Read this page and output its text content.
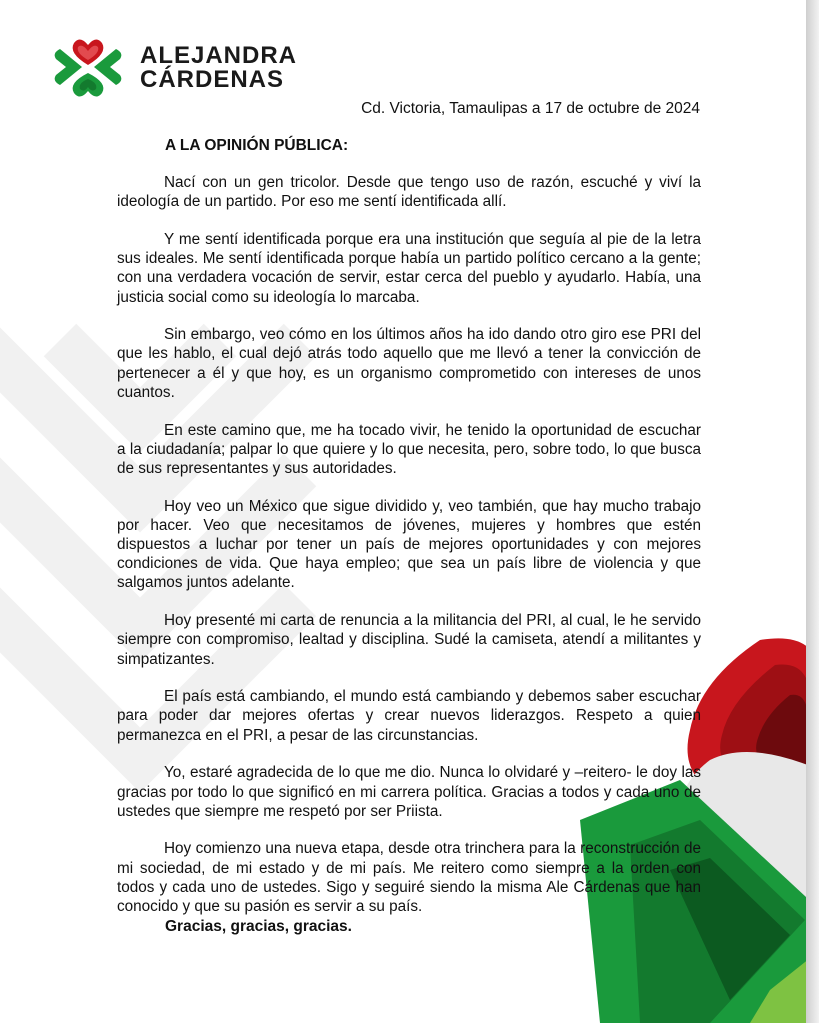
ALEJANDRA
CÁRDENAS
Cd. Victoria, Tamaulipas a 17 de octubre de 2024
A LA OPINIÓN PÚBLICA:

Nací con un gen tricolor. Desde que tengo uso de razón, escuché y viví la ideología de un partido. Por eso me sentí identificada allí.

Y me sentí identificada porque era una institución que seguía al pie de la letra sus ideales. Me sentí identificada porque había un partido político cercano a la gente; con una verdadera vocación de servir, estar cerca del pueblo y ayudarlo. Había, una justicia social como su ideología lo marcaba.

Sin embargo, veo cómo en los últimos años ha ido dando otro giro ese PRI del que les hablo, el cual dejó atrás todo aquello que me llevó a tener la convicción de pertenecer a él y que hoy, es un organismo comprometido con intereses de unos cuantos.

En este camino que, me ha tocado vivir, he tenido la oportunidad de escuchar a la ciudadanía; palpar lo que quiere y lo que necesita, pero, sobre todo, lo que busca de sus representantes y sus autoridades.

Hoy veo un México que sigue dividido y, veo también, que hay mucho trabajo por hacer. Veo que necesitamos de jóvenes, mujeres y hombres que estén dispuestos a luchar por tener un país de mejores oportunidades y con mejores condiciones de vida. Que haya empleo; que sea un país libre de violencia y que salgamos juntos adelante.

Hoy presenté mi carta de renuncia a la militancia del PRI, al cual, le he servido siempre con compromiso, lealtad y disciplina. Sudé la camiseta, atendí a militantes y simpatizantes.

El país está cambiando, el mundo está cambiando y debemos saber escuchar para poder dar mejores ofertas y crear nuevos liderazgos. Respeto a quien permanezca en el PRI, a pesar de las circunstancias.

Yo, estaré agradecida de lo que me dio. Nunca lo olvidaré y –reitero- le doy las gracias por todo lo que significó en mi carrera política. Gracias a todos y cada uno de ustedes que siempre me respetó por ser Priista.

Hoy comienzo una nueva etapa, desde otra trinchera para la reconstrucción de mi sociedad, de mi estado y de mi país. Me reitero como siempre a la orden con todos y cada uno de ustedes. Sigo y seguiré siendo la misma Ale Cárdenas que han conocido y que su pasión es servir a su país.

Gracias, gracias, gracias.
